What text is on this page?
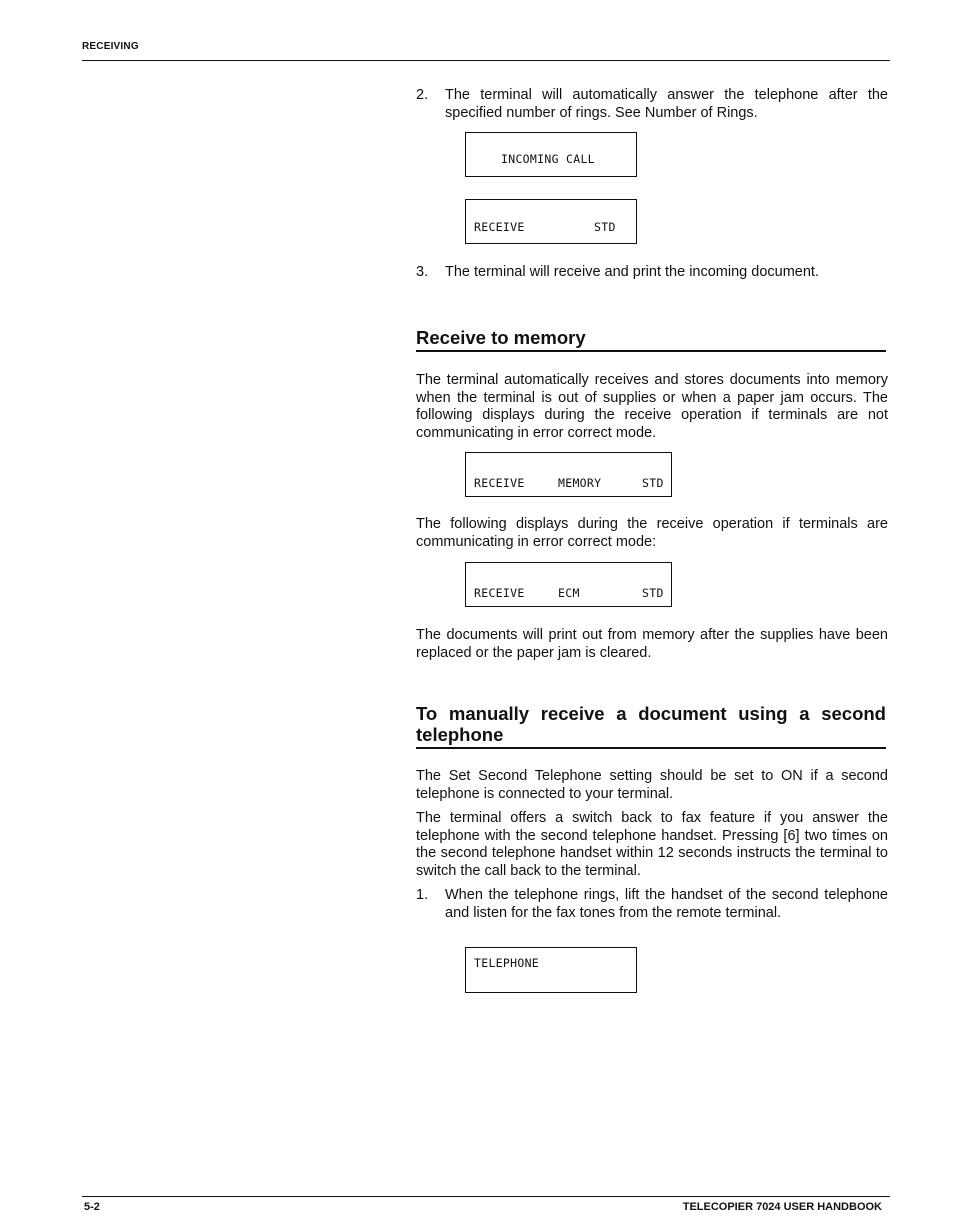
RECEIVING
2. The terminal will automatically answer the telephone after the specified number of rings. See Number of Rings.
INCOMING CALL
RECEIVE	STD
3. The terminal will receive and print the incoming document.
Receive to memory
The terminal automatically receives and stores documents into memory when the terminal is out of supplies or when a paper jam occurs. The following displays during the receive operation if terminals are not communicating in error correct mode.
RECEIVE	MEMORY	STD
The following displays during the receive operation if terminals are communicating in error correct mode:
RECEIVE	ECM	STD
The documents will print out from memory after the supplies have been replaced or the paper jam is cleared.
To manually receive a document using a second
telephone
The Set Second Telephone setting should be set to ON if a second telephone is connected to your terminal.
The terminal offers a switch back to fax feature if you answer the telephone with the second telephone handset. Pressing [6] two times on the second telephone handset within 12 seconds instructs the terminal to switch the call back to the terminal.
1. When the telephone rings, lift the handset of the second telephone and listen for the fax tones from the remote terminal.
TELEPHONE
5-2	TELECOPIER 7024 USER HANDBOOK
